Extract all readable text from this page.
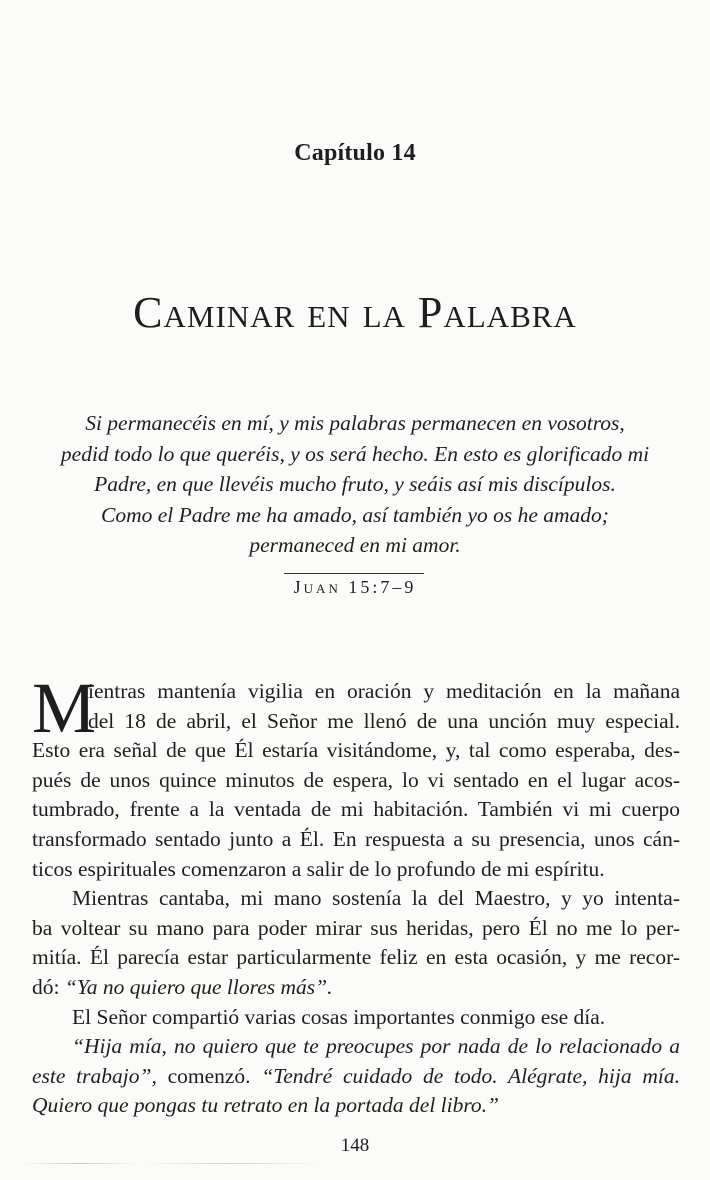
Capítulo 14
Caminar en la Palabra
Si permanecéis en mí, y mis palabras permanecen en vosotros,
pedid todo lo que queréis, y os será hecho. En esto es glorificado mi
Padre, en que llevéis mucho fruto, y seáis así mis discípulos.
Como el Padre me ha amado, así también yo os he amado;
permaneced en mi amor.
Juan 15:7–9
M
ientras mantenía vigilia en oración y meditación en la mañana
del 18 de abril, el Señor me llenó de una unción muy especial.
Esto era señal de que Él estaría visitándome, y, tal como esperaba, des-
pués de unos quince minutos de espera, lo vi sentado en el lugar acos-
tumbrado, frente a la ventada de mi habitación. También vi mi cuerpo
transformado sentado junto a Él. En respuesta a su presencia, unos cán-
ticos espirituales comenzaron a salir de lo profundo de mi espíritu.
Mientras cantaba, mi mano sostenía la del Maestro, y yo intenta-
ba voltear su mano para poder mirar sus heridas, pero Él no me lo per-
mitía. Él parecía estar particularmente feliz en esta ocasión, y me recor-
dó: “Ya no quiero que llores más”.
El Señor compartió varias cosas importantes conmigo ese día.
“Hija mía, no quiero que te preocupes por nada de lo relacionado a
este trabajo”, comenzó. “Tendré cuidado de todo. Alégrate, hija mía.
Quiero que pongas tu retrato en la portada del libro.”
148
